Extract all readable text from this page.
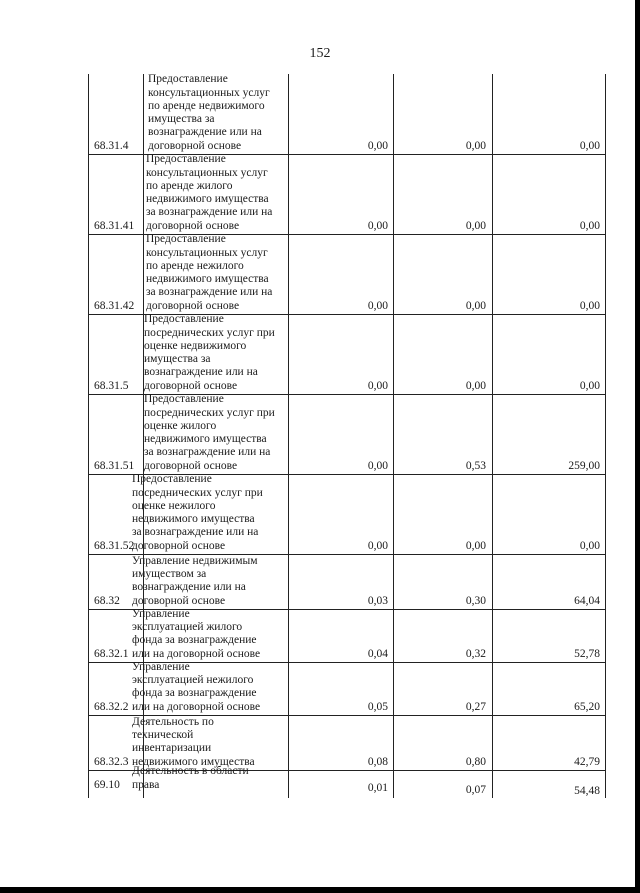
152
68.31.4
Предоставление
консультационных услуг
по аренде недвижимого
имущества за
вознаграждение или на
договорной основе	0,00	0,00	0,00
68.31.41
Предоставление
консультационных услуг
по аренде жилого
недвижимого имущества
за вознаграждение или на
договорной основе	0,00	0,00	0,00
68.31.42
Предоставление
консультационных услуг
по аренде нежилого
недвижимого имущества
за вознаграждение или на
договорной основе	0,00	0,00	0,00
68.31.5
Предоставление
посреднических услуг при
оценке недвижимого
имущества за
вознаграждение или на
договорной основе	0,00	0,00	0,00
68.31.51
Предоставление
посреднических услуг при
оценке жилого
недвижимого имущества
за вознаграждение или на
договорной основе	0,00	0,53	259,00
68.31.52
Предоставление
посреднических услуг при
оценке нежилого
недвижимого имущества
за вознаграждение или на
договорной основе	0,00	0,00	0,00
68.32
Управление недвижимым
имуществом за
вознаграждение или на
договорной основе	0,03	0,30	64,04
68.32.1
Управление
эксплуатацией жилого
фонда за вознаграждение
или на договорной основе	0,04	0,32	52,78
68.32.2
Управление
эксплуатацией нежилого
фонда за вознаграждение
или на договорной основе	0,05	0,27	65,20
68.32.3
Деятельность по
технической
инвентаризации
недвижимого имущества	0,08	0,80	42,79
69.10
Деятельность в области
права	0,01	0,07	54,48
